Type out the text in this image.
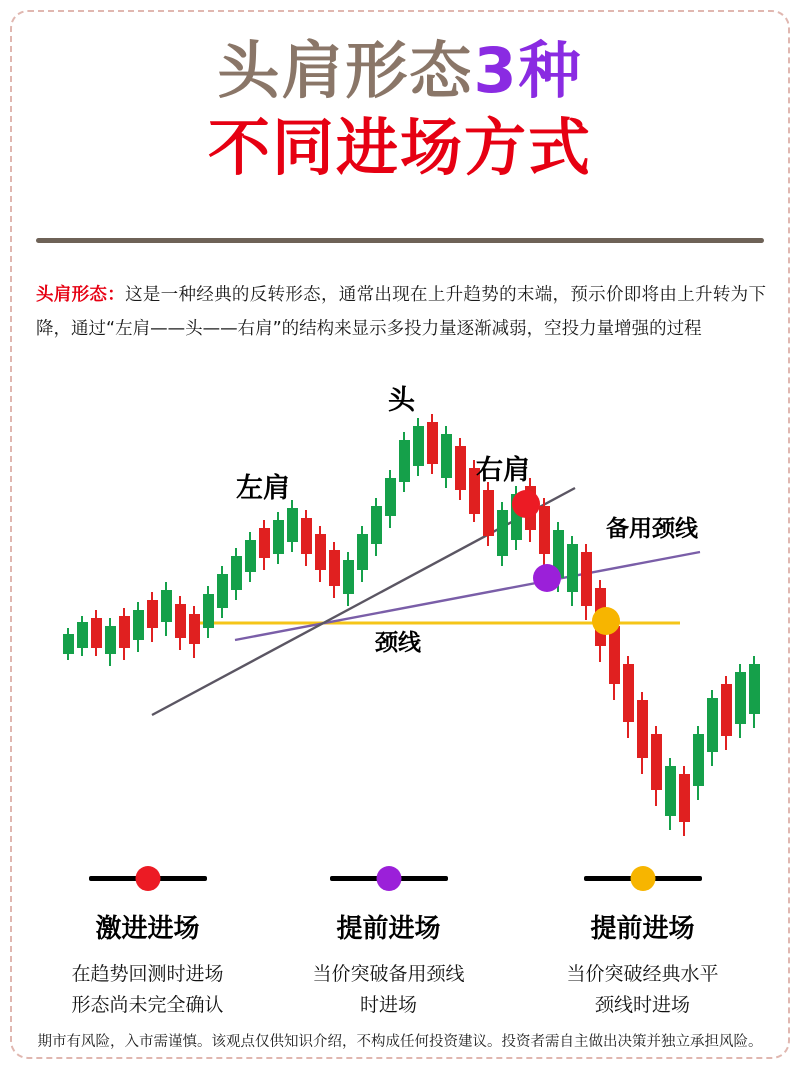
头肩形态3种
不同进场方式
头肩形态：这是一种经典的反转形态，通常出现在上升趋势的末端，预示价即将由上升转为下降，通过“左肩——头——右肩”的结构来显示多投力量逐渐减弱，空投力量增强的过程
头
左肩
右肩
备用颈线
颈线
激进进场
在趋势回测时进场
形态尚未完全确认
提前进场
当价突破备用颈线
时进场
提前进场
当价突破经典水平
颈线时进场
期市有风险，入市需谨慎。该观点仅供知识介绍，不构成任何投资建议。投资者需自主做出决策并独立承担风险。
